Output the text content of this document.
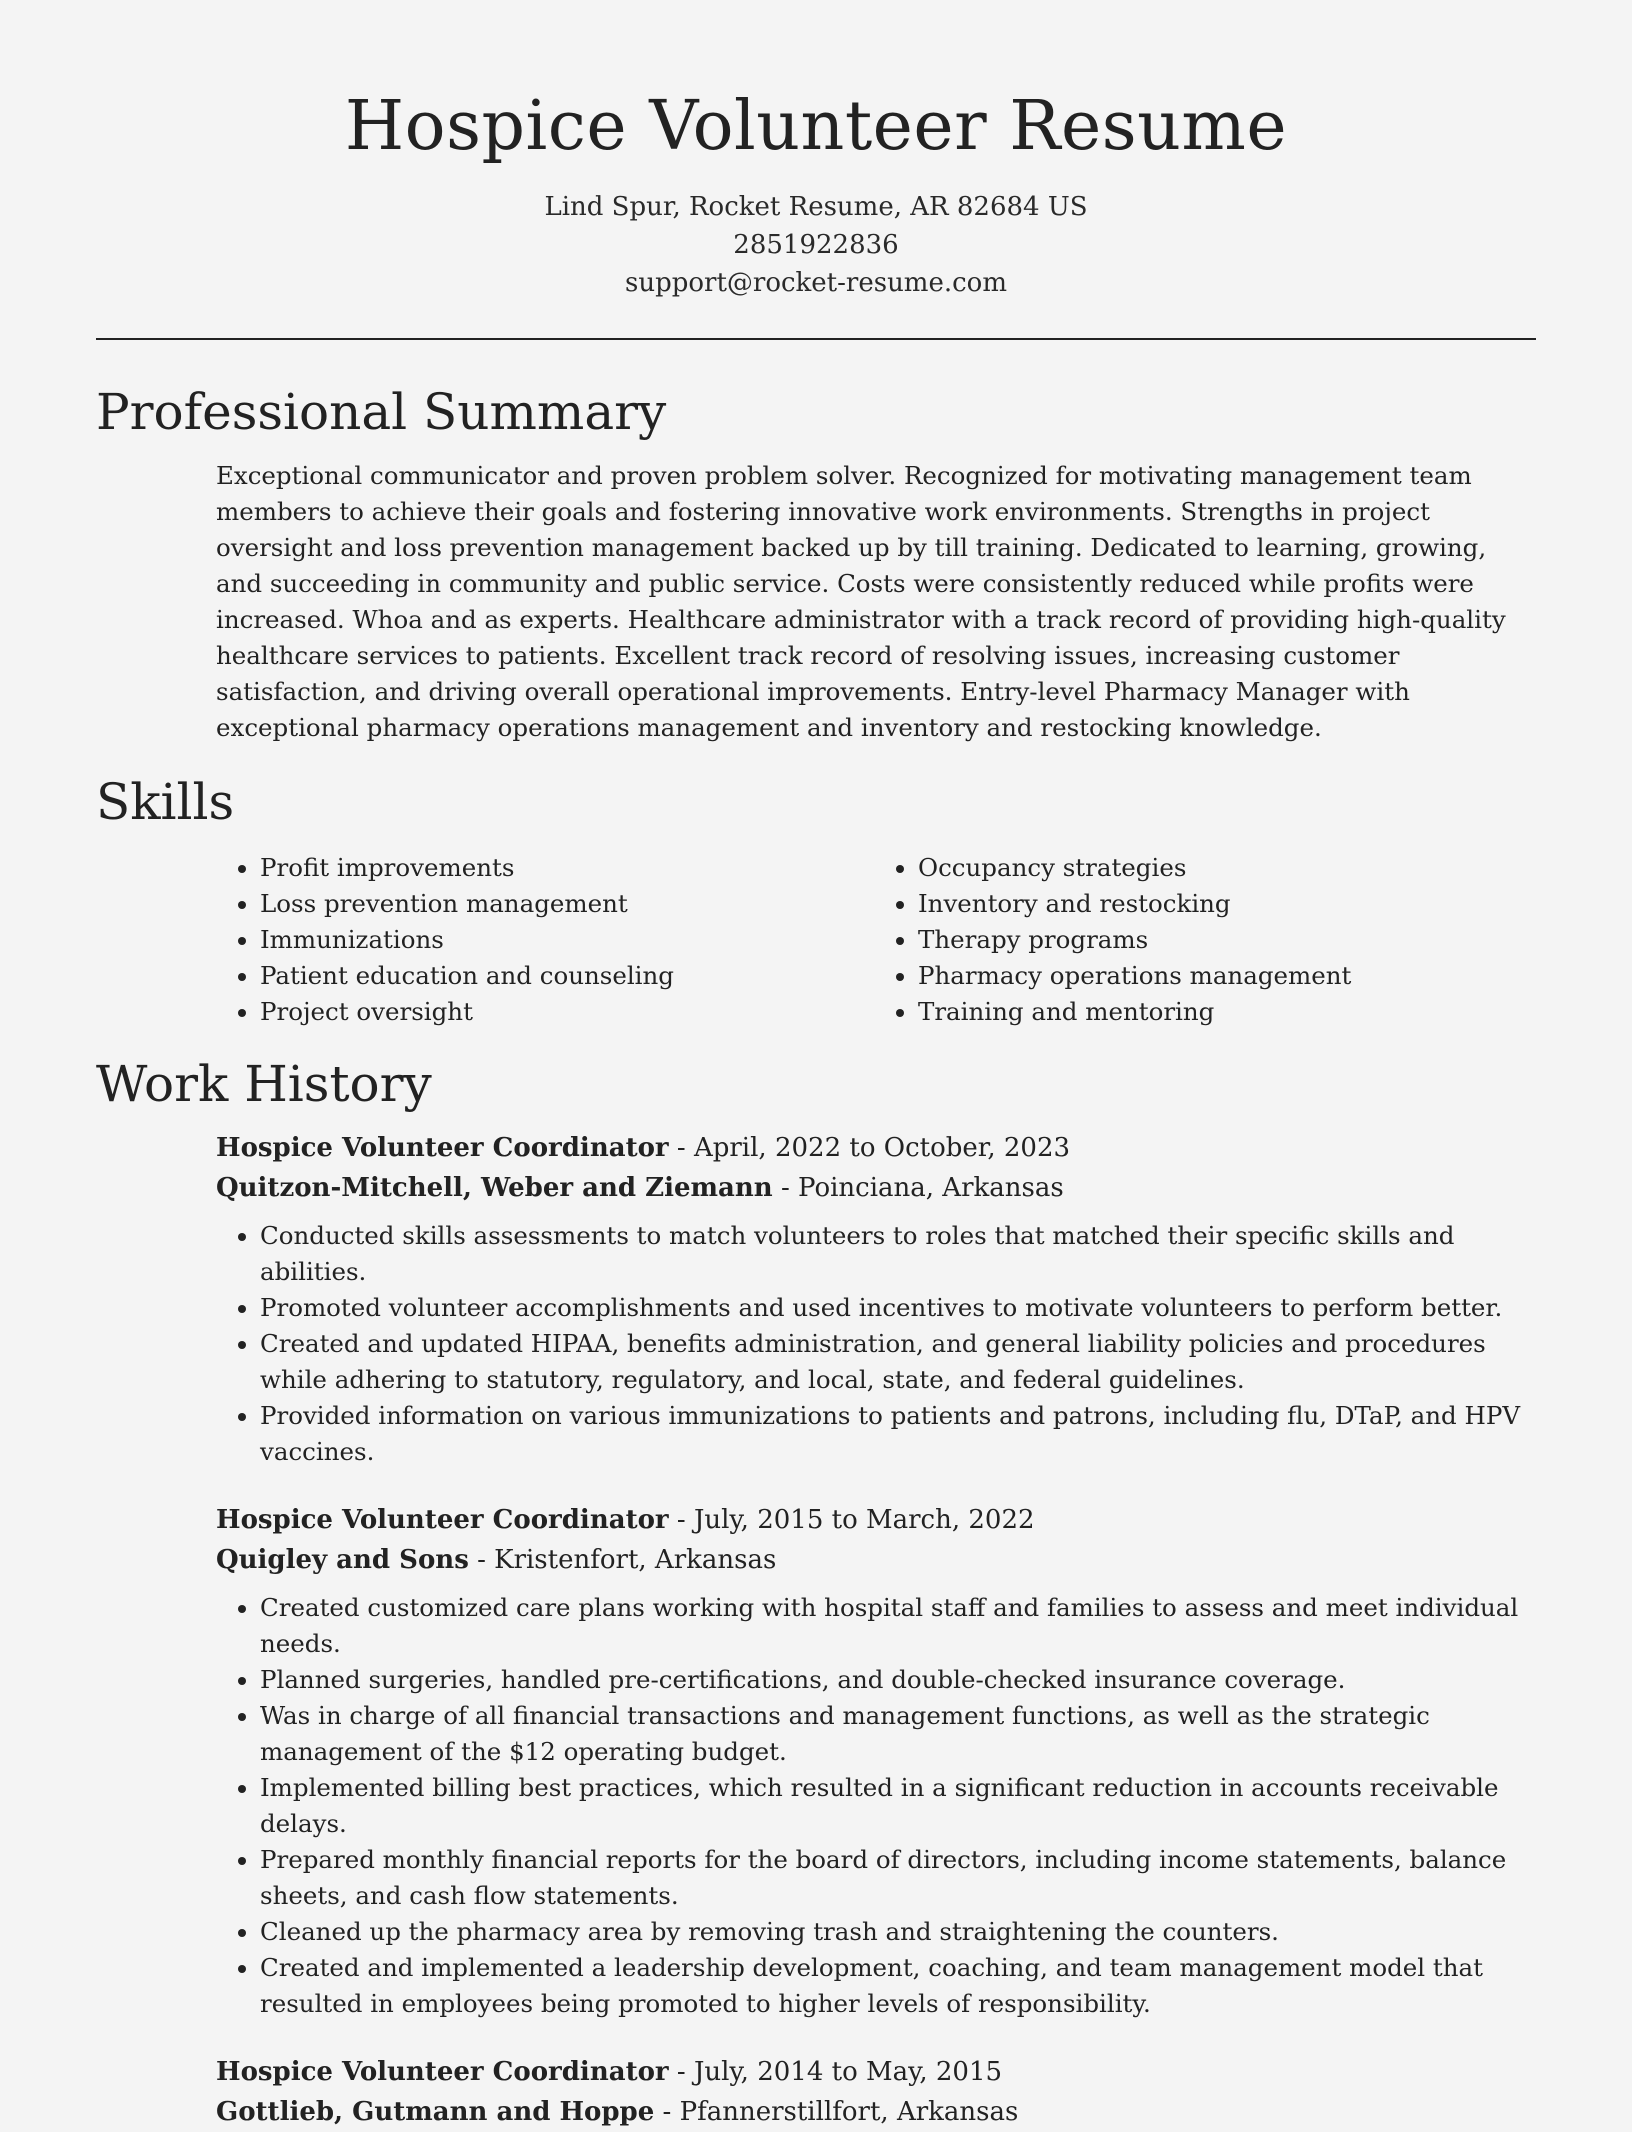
Hospice Volunteer Resume
Lind Spur, Rocket Resume, AR 82684 US
2851922836
support@rocket-resume.com
Professional Summary
Exceptional communicator and proven problem solver. Recognized for motivating management team members to achieve their goals and fostering innovative work environments. Strengths in project oversight and loss prevention management backed up by till training. Dedicated to learning, growing, and succeeding in community and public service. Costs were consistently reduced while profits were increased. Whoa and as experts. Healthcare administrator with a track record of providing high-quality healthcare services to patients. Excellent track record of resolving issues, increasing customer satisfaction, and driving overall operational improvements. Entry-level Pharmacy Manager with exceptional pharmacy operations management and inventory and restocking knowledge.
Skills
• Profit improvements
• Loss prevention management
• Immunizations
• Patient education and counseling
• Project oversight
• Occupancy strategies
• Inventory and restocking
• Therapy programs
• Pharmacy operations management
• Training and mentoring
Work History
Hospice Volunteer Coordinator - April, 2022 to October, 2023
Quitzon-Mitchell, Weber and Ziemann - Poinciana, Arkansas
• Conducted skills assessments to match volunteers to roles that matched their specific skills and abilities.
• Promoted volunteer accomplishments and used incentives to motivate volunteers to perform better.
• Created and updated HIPAA, benefits administration, and general liability policies and procedures while adhering to statutory, regulatory, and local, state, and federal guidelines.
• Provided information on various immunizations to patients and patrons, including flu, DTaP, and HPV vaccines.
Hospice Volunteer Coordinator - July, 2015 to March, 2022
Quigley and Sons - Kristenfort, Arkansas
• Created customized care plans working with hospital staff and families to assess and meet individual needs.
• Planned surgeries, handled pre-certifications, and double-checked insurance coverage.
• Was in charge of all financial transactions and management functions, as well as the strategic management of the $12 operating budget.
• Implemented billing best practices, which resulted in a significant reduction in accounts receivable delays.
• Prepared monthly financial reports for the board of directors, including income statements, balance sheets, and cash flow statements.
• Cleaned up the pharmacy area by removing trash and straightening the counters.
• Created and implemented a leadership development, coaching, and team management model that resulted in employees being promoted to higher levels of responsibility.
Hospice Volunteer Coordinator - July, 2014 to May, 2015
Gottlieb, Gutmann and Hoppe - Pfannerstillfort, Arkansas
